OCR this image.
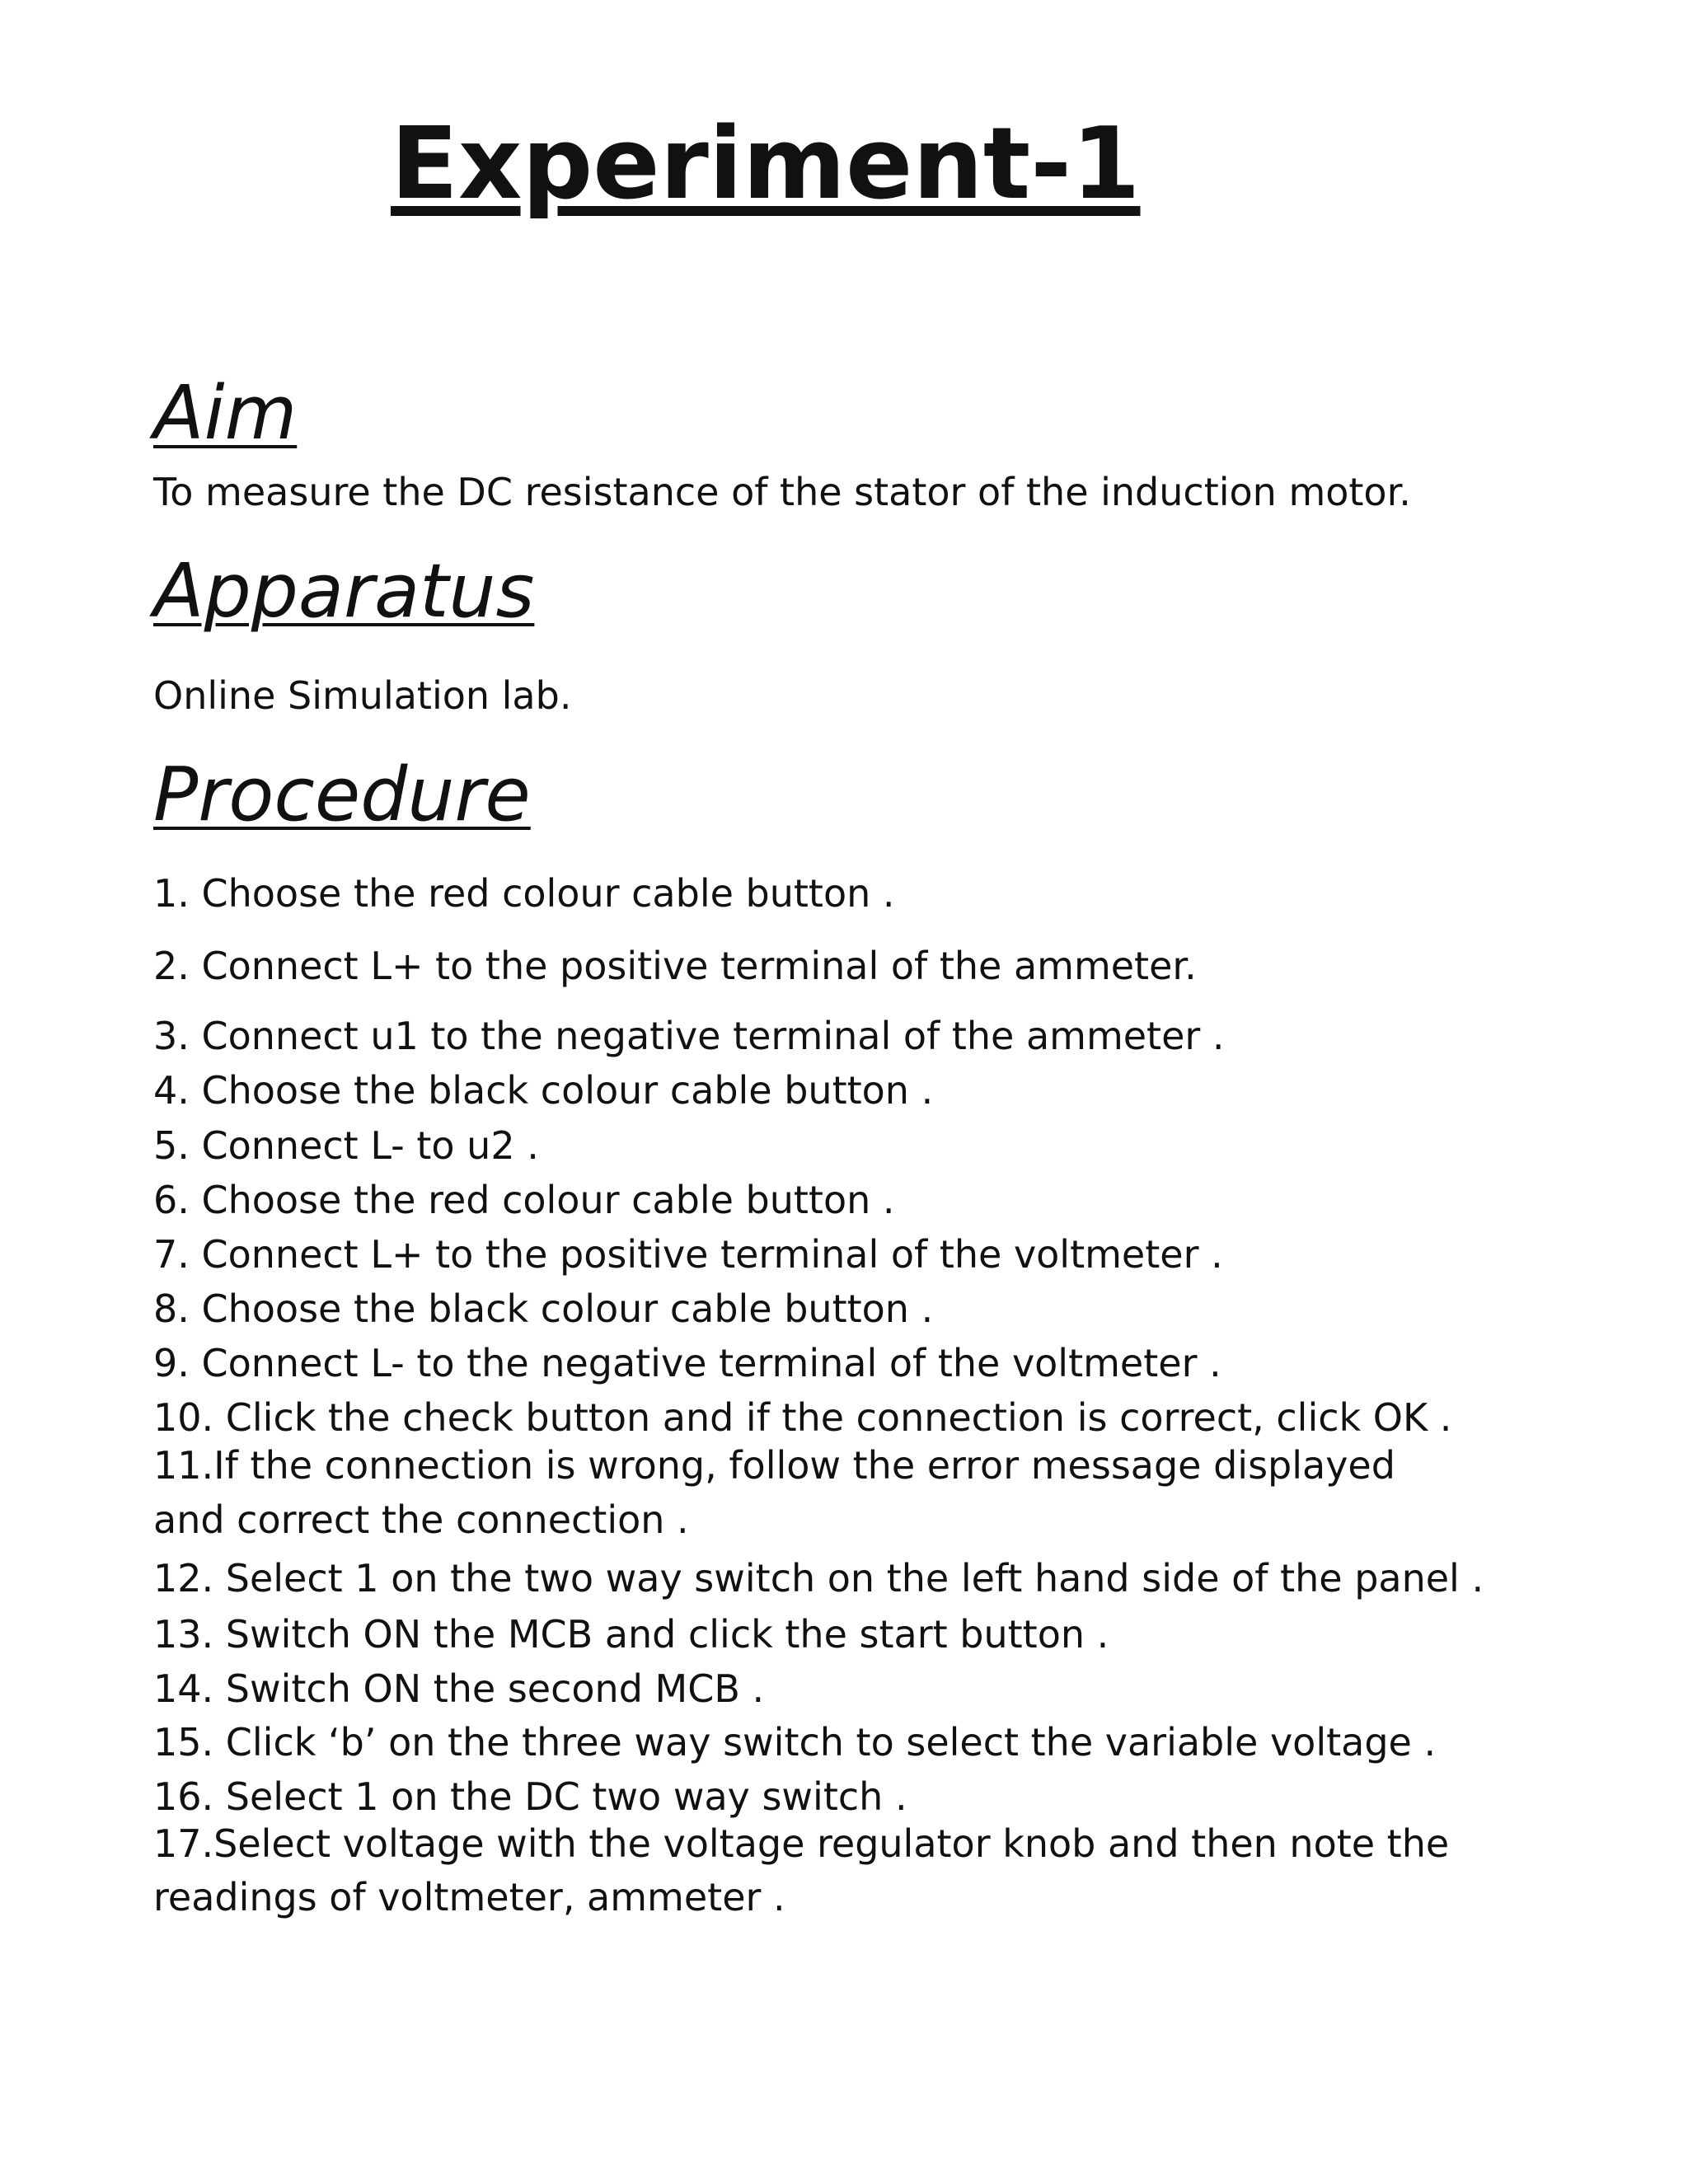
Experiment-1
Aim

To measure the DC resistance of the stator of the induction motor.

Apparatus

Online Simulation lab.

Procedure
1. Choose the red colour cable button .
2. Connect L+ to the positive terminal of the ammeter.
3. Connect u1 to the negative terminal of the ammeter .
4. Choose the black colour cable button .
5. Connect L- to u2 .
6. Choose the red colour cable button .
7. Connect L+ to the positive terminal of the voltmeter .
8. Choose the black colour cable button .
9. Connect L- to the negative terminal of the voltmeter .
10. Click the check button and if the connection is correct, click OK .
11.If the connection is wrong, follow the error message displayed
and correct the connection .
12. Select 1 on the two way switch on the left hand side of the panel .
13. Switch ON the MCB and click the start button .
14. Switch ON the second MCB .
15. Click ‘b’ on the three way switch to select the variable voltage .
16. Select 1 on the DC two way switch .
17.Select voltage with the voltage regulator knob and then note the
readings of voltmeter, ammeter .
